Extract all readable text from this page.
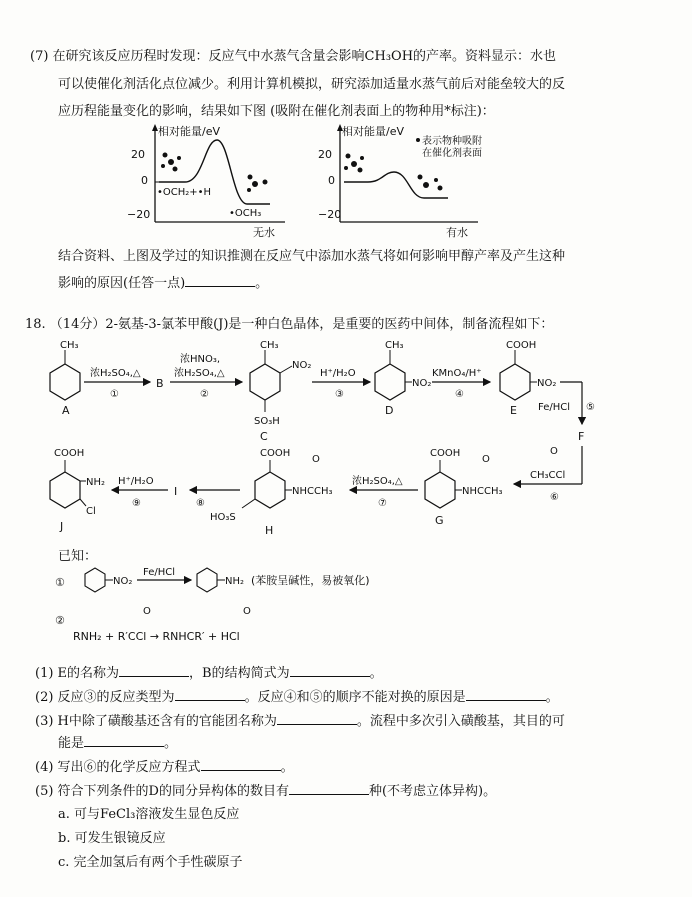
(7) 在研究该反应历程时发现：反应气中水蒸气含量会影响CH₃OH的产率。资料显示：水也
可以使催化剂活化点位减少。利用计算机模拟，研究添加适量水蒸气前后对能垒较大的反
应历程能量变化的影响，结果如下图 (吸附在催化剂表面上的物种用*标注)：
相对能量/eV
20
0
−20
•OCH₂+•H
•OCH₃
无水
相对能量/eV
表示物种吸附
在催化剂表面
20
0
−20
有水
结合资料、上图及学过的知识推测在反应气中添加水蒸气将如何影响甲醇产率及产生这种
影响的原因(任答一点)	。
18. （14分）2-氨基-3-氯苯甲酸(J)是一种白色晶体，是重要的医药中间体，制备流程如下：
CH₃
A
浓H₂SO₄,△
①
B
浓HNO₃,
浓H₂SO₄,△
②
CH₃
NO₂
SO₃H
C
H⁺/H₂O
③
CH₃
NO₂
D
KMnO₄/H⁺
④
COOH
NO₂
E Fe/HCl ⑤
F
O
CH₃CCl
⑥
COOH
NHCCH₃
O
G
浓H₂SO₄,△
⑦
COOH
NHCCH₃
O
HO₃S
H
⑧
I
H⁺/H₂O
⑨
COOH
NH₂
Cl
J
已知：
①	NO₂
Fe/HCl
NH₂ (苯胺呈碱性，易被氧化)
②
O	O
RNH₂ + R′CCl → RNHCR′ + HCl
(1) E的名称为	，B的结构简式为	。
(2) 反应③的反应类型为	。反应④和⑤的顺序不能对换的原因是	。
(3) H中除了磺酸基还含有的官能团名称为	。流程中多次引入磺酸基，其目的可
能是	。
(4) 写出⑥的化学反应方程式	。
(5) 符合下列条件的D的同分异构体的数目有	种(不考虑立体异构)。
a. 可与FeCl₃溶液发生显色反应
b. 可发生银镜反应
c. 完全加氢后有两个手性碳原子
